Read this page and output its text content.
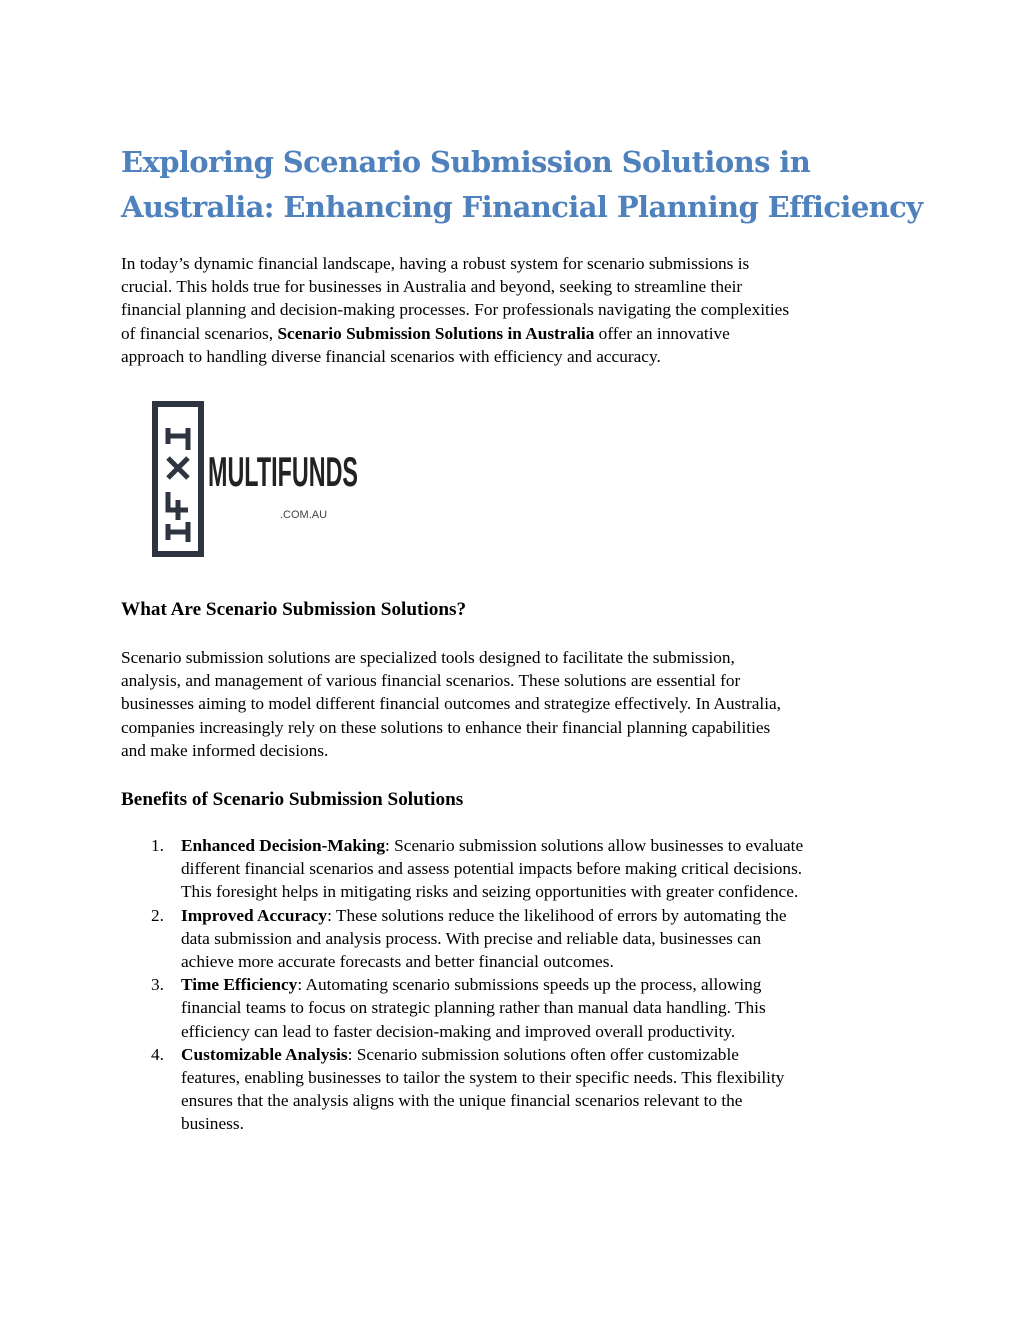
Exploring Scenario Submission Solutions in
Australia: Enhancing Financial Planning Efficiency

In today’s dynamic financial landscape, having a robust system for scenario submissions is
crucial. This holds true for businesses in Australia and beyond, seeking to streamline their
financial planning and decision-making processes. For professionals navigating the complexities
of financial scenarios, Scenario Submission Solutions in Australia offer an innovative
approach to handling diverse financial scenarios with efficiency and accuracy.

MULTIFUNDS
.COM.AU
What Are Scenario Submission Solutions?

Scenario submission solutions are specialized tools designed to facilitate the submission,
analysis, and management of various financial scenarios. These solutions are essential for
businesses aiming to model different financial outcomes and strategize effectively. In Australia,
companies increasingly rely on these solutions to enhance their financial planning capabilities
and make informed decisions.

Benefits of Scenario Submission Solutions
1. Enhanced Decision-Making: Scenario submission solutions allow businesses to evaluate
different financial scenarios and assess potential impacts before making critical decisions.
This foresight helps in mitigating risks and seizing opportunities with greater confidence.
2. Improved Accuracy: These solutions reduce the likelihood of errors by automating the
data submission and analysis process. With precise and reliable data, businesses can
achieve more accurate forecasts and better financial outcomes.
3. Time Efficiency: Automating scenario submissions speeds up the process, allowing
financial teams to focus on strategic planning rather than manual data handling. This
efficiency can lead to faster decision-making and improved overall productivity.
4. Customizable Analysis: Scenario submission solutions often offer customizable
features, enabling businesses to tailor the system to their specific needs. This flexibility
ensures that the analysis aligns with the unique financial scenarios relevant to the
business.
